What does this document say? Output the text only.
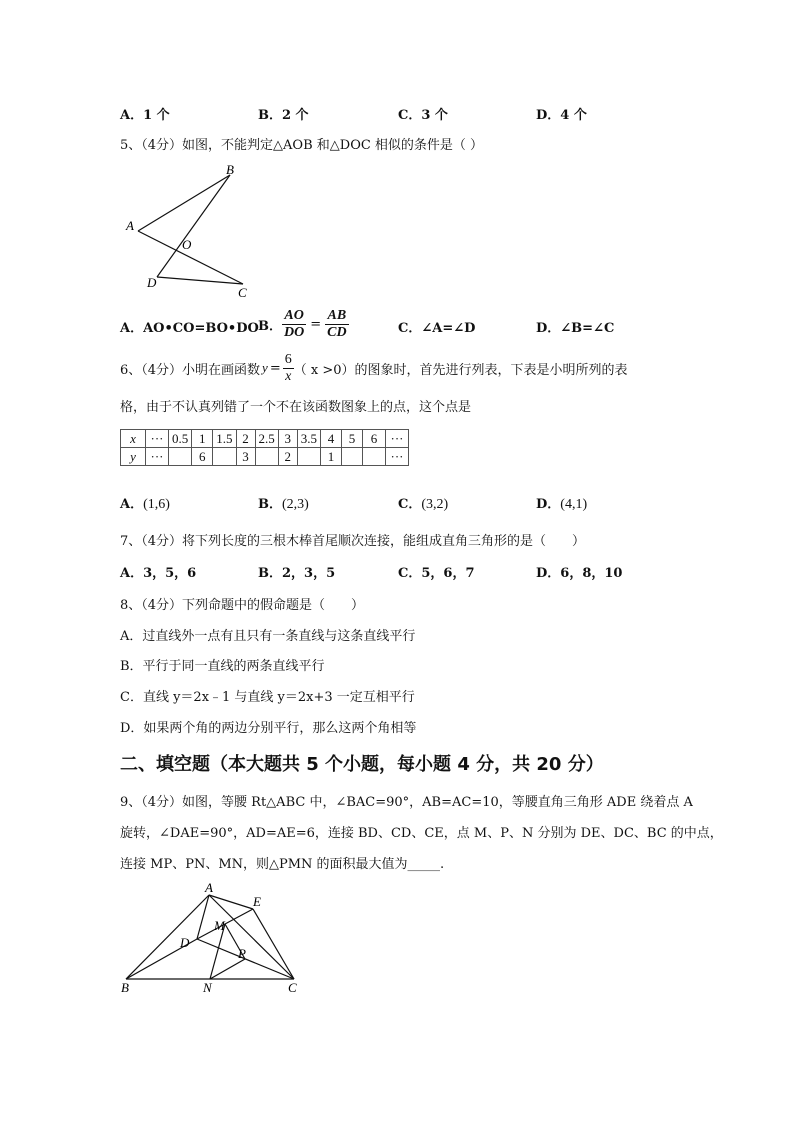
A．1 个	B．2 个	C．3 个	D．4 个
5、（4分）如图，不能判定△AOB 和△DOC 相似的条件是（ ）
B
A
O
D
C
A．AO•CO=BO•DO B． $\frac{AO}{DO} = \frac{AB}{CD}$	C．∠A=∠D	D．∠B=∠C
6、（4分）小明在画函数 $y = \frac{6}{x}$ （ x >0）的图象时，首先进行列表，下表是小明所列的表
格，由于不认真列错了一个不在该函数图象上的点，这个点是
x	···	0.5	1	1.5	2	2.5	3	3.5	4	5	6	···
y	···		6		3		2		1			···
A．(1,6)	B．(2,3)	C．(3,2)	D．(4,1)
7、（4分）将下列长度的三根木棒首尾顺次连接，能组成直角三角形的是（　　）
A．3，5，6	B．2，3，5	C．5，6，7	D．6，8，10
8、（4分）下列命题中的假命题是（　　）
A．过直线外一点有且只有一条直线与这条直线平行
B．平行于同一直线的两条直线平行
C．直线 y＝2x﹣1 与直线 y＝2x+3 一定互相平行
D．如果两个角的两边分别平行，那么这两个角相等
二、填空题（本大题共 5 个小题，每小题 4 分，共 20 分）
9、（4分）如图，等腰 Rt△ABC 中，∠BAC=90°，AB=AC=10，等腰直角三角形 ADE 绕着点 A
旋转，∠DAE=90°，AD=AE=6，连接 BD、CD、CE，点 M、P、N 分别为 DE、DC、BC 的中点，
连接 MP、PN、MN，则△PMN 的面积最大值为_____.
A
E
M
D
P
B	N	C
